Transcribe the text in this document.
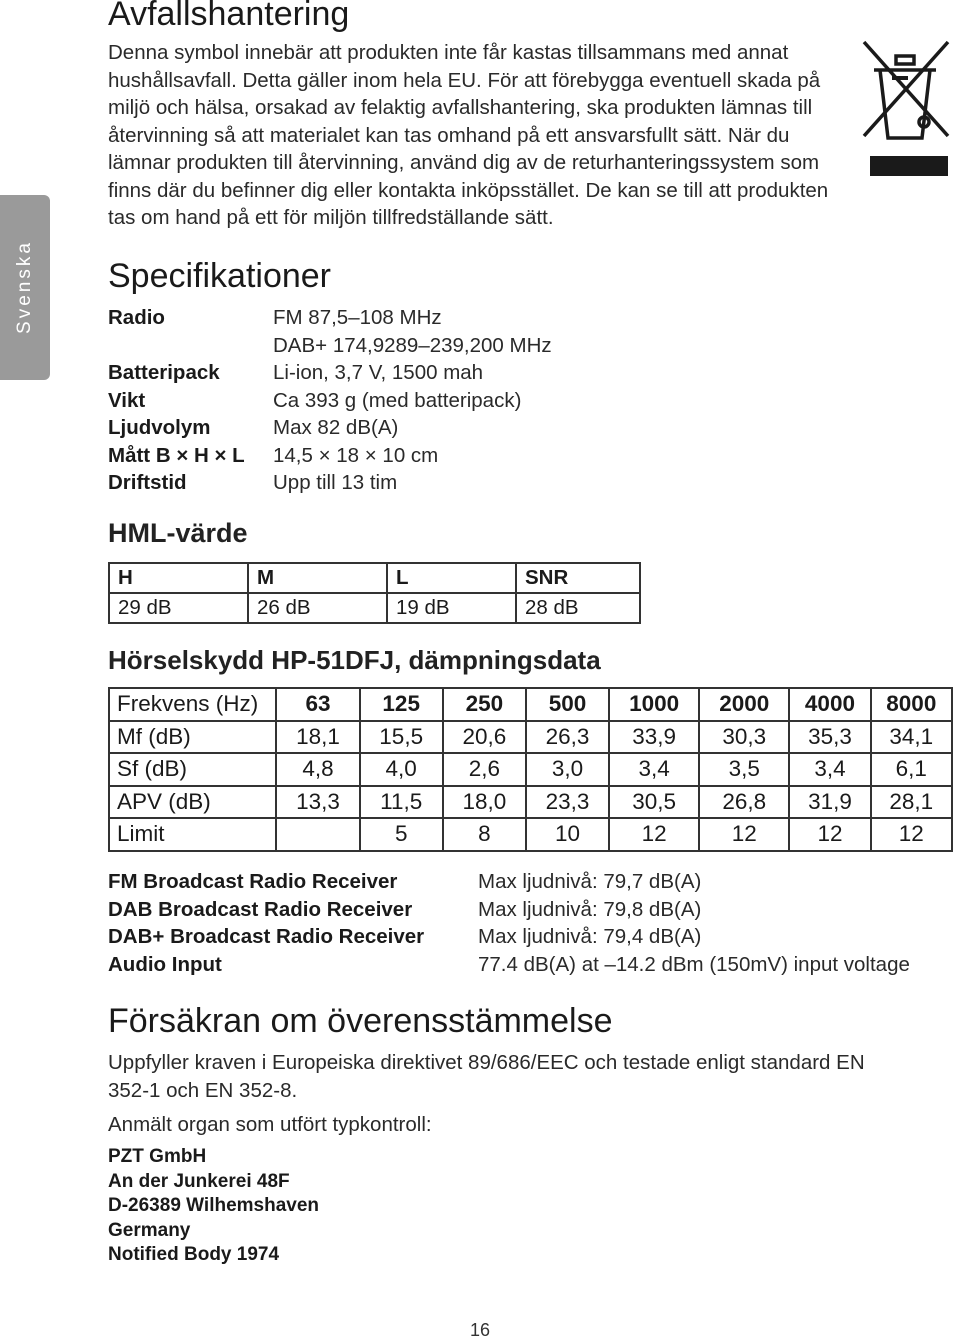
Svenska
Avfallshantering
Denna symbol innebär att produkten inte får kastas tillsammans med annat hushållsavfall. Detta gäller inom hela EU. För att förebygga eventuell skada på miljö och hälsa, orsakad av felaktig avfallshantering, ska produkten lämnas till återvinning så att materialet kan tas omhand på ett ansvarsfullt sätt. När du lämnar produkten till återvinning, använd dig av de returhanteringssystem som finns där du befinner dig eller kontakta inköpsstället. De kan se till att produkten tas om hand på ett för miljön tillfredställande sätt.
Specifikationer
Radio	FM 87,5–108 MHz
DAB+ 174,9289–239,200 MHz
Batteripack	Li-ion, 3,7 V, 1500 mah
Vikt	Ca 393 g (med batteripack)
Ljudvolym	Max 82 dB(A)
Mått B × H × L 14,5 × 18 × 10 cm
Driftstid	Upp till 13 tim
HML-värde
H	M	L	SNR
29 dB	26 dB	19 dB	28 dB
Hörselskydd HP-51DFJ, dämpningsdata
Frekvens (Hz)	63	125	250	500	1000	2000	4000	8000
Mf (dB)	18,1	15,5	20,6	26,3	33,9	30,3	35,3	34,1
Sf (dB)	4,8	4,0	2,6	3,0	3,4	3,5	3,4	6,1
APV (dB)	13,3	11,5	18,0	23,3	30,5	26,8	31,9	28,1
Limit		5	8	10	12	12	12	12
FM Broadcast Radio Receiver	Max ljudnivå: 79,7 dB(A)
DAB Broadcast Radio Receiver	Max ljudnivå: 79,8 dB(A)
DAB+ Broadcast Radio Receiver	Max ljudnivå: 79,4 dB(A)
Audio Input	77.4 dB(A) at –14.2 dBm (150mV) input voltage
Försäkran om överensstämmelse
Uppfyller kraven i Europeiska direktivet 89/686/EEC och testade enligt standard EN 352-1 och EN 352-8.
Anmält organ som utfört typkontroll:
PZT GmbH
An der Junkerei 48F
D-26389 Wilhemshaven
Germany
Notified Body 1974
16
